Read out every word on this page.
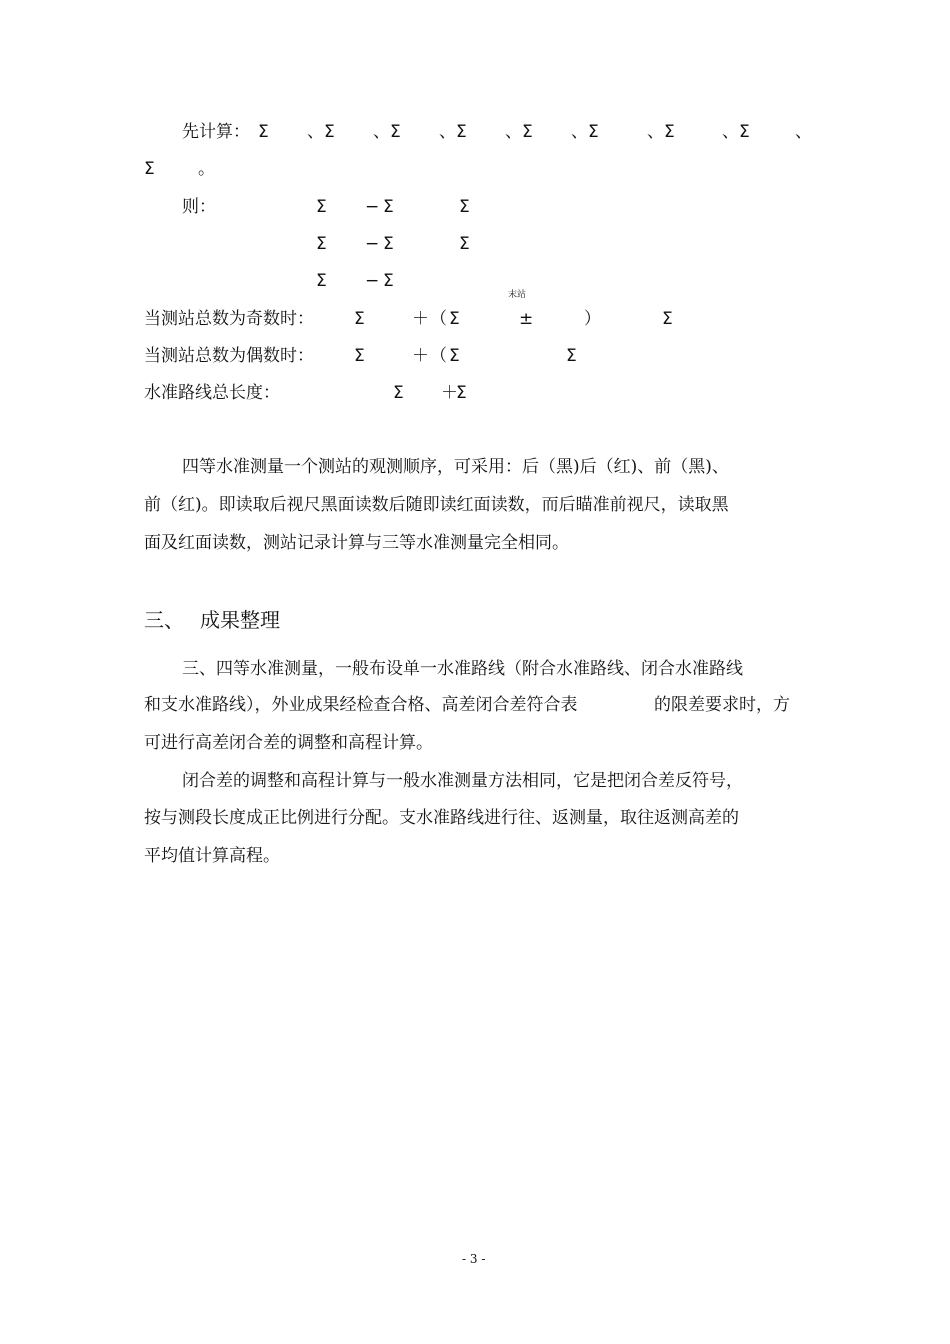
先计算： Σ 、 Σ 、 Σ 、 Σ 、 Σ 、 Σ	、 Σ	、 Σ	、
Σ	。
则：	Σ − Σ	Σ
Σ − Σ	Σ
Σ − Σ
末站
当测站总数为奇数时： Σ	＋ （ Σ	±	）	Σ
当测站总数为偶数时： Σ	＋ （ Σ	Σ
水准路线总长度：	Σ ＋
Σ
四等水准测量一个测站的观测顺序，可采用：后（黑)后（红)、前（黑)、
前（红)。即读取后视尺黑面读数后随即读红面读数，而后瞄准前视尺，读取黑
面及红面读数，测站记录计算与三等水准测量完全相同。
三、 成果整理
三、四等水准测量，一般布设单一水准路线（附合水准路线、闭合水准路线
和支水准路线），外业成果经检查合格、高差闭合差符合表	的限差要求时，方
可进行高差闭合差的调整和高程计算。
闭合差的调整和高程计算与一般水准测量方法相同，它是把闭合差反符号，
按与测段长度成正比例进行分配。支水准路线进行往、返测量，取往返测高差的
平均值计算高程。
- 3 -
